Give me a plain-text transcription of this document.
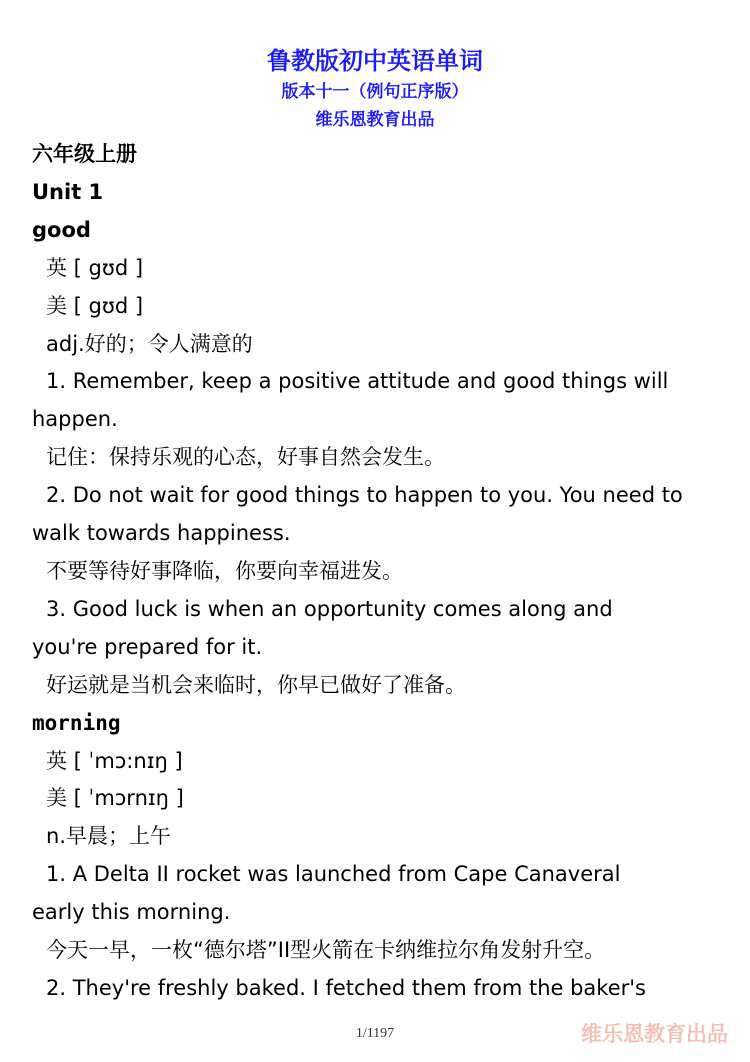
鲁教版初中英语单词
版本十一（例句正序版）
维乐恩教育出品
六年级上册
Unit 1
good
英 [ gʊd ]
美 [ gʊd ]
adj.好的；令人满意的
1. Remember, keep a positive attitude and good things will
happen.
记住：保持乐观的心态，好事自然会发生。
2. Do not wait for good things to happen to you. You need to
walk towards happiness.
不要等待好事降临，你要向幸福进发。
3. Good luck is when an opportunity comes along and
you're prepared for it.
好运就是当机会来临时，你早已做好了准备。
morning
英 [ ˈmɔ:nɪŋ ]
美 [ ˈmɔrnɪŋ ]
n.早晨；上午
1. A Delta II rocket was launched from Cape Canaveral
early this morning.
今天一早，一枚“德尔塔”II型火箭在卡纳维拉尔角发射升空。
2. They're freshly baked. I fetched them from the baker's
1/1197	维乐恩教育出品
